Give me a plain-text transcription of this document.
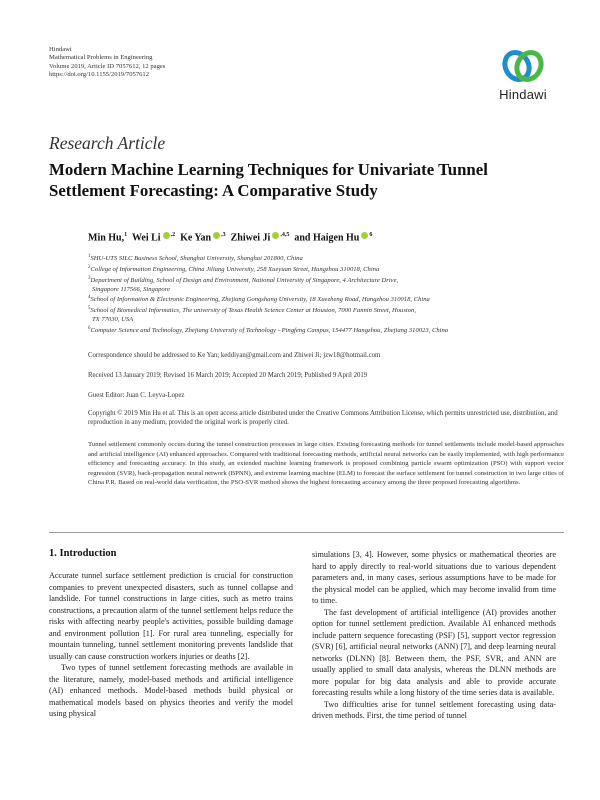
Hindawi
Mathematical Problems in Engineering
Volume 2019, Article ID 7057612, 12 pages
https://doi.org/10.1155/2019/7057612
Hindawi
Research Article
Modern Machine Learning Techniques for Univariate Tunnel Settlement Forecasting: A Comparative Study
Min Hu,$^1$ Wei Li $^{,2}$ Ke Yan $^{,3}$ Zhiwei Ji $^{,4,5}$ and Haigen Hu $^6$
$^1$SHU-UTS SILC Business School, Shanghai University, Shanghai 201800, China
$^2$College of Information Engineering, China Jiliang University, 258 Xueyuan Street, Hangzhou 310018, China
$^3$Department of Building, School of Design and Environment, National University of Singapore, 4 Architecture Drive,
Singapore 117566, Singapore
$^4$School of Information & Electronic Engineering, Zhejiang Gongshang University, 18 Xuezheng Road, Hangzhou 310018, China
$^5$School of Biomedical Informatics, The university of Texas Health Science Center at Houston, 7000 Fannin Street, Houston,
TX 77030, USA
$^6$Computer Science and Technology, Zhejiang University of Technology - Pingfeng Campus, 154477 Hangzhou, Zhejiang 310023, China

Correspondence should be addressed to Ke Yan; keddiyan@gmail.com and Zhiwei Ji; jzw18@hotmail.com

Received 13 January 2019; Revised 16 March 2019; Accepted 20 March 2019; Published 9 April 2019

Guest Editor: Juan C. Leyva-Lopez

Copyright © 2019 Min Hu et al. This is an open access article distributed under the Creative Commons Attribution License, which permits unrestricted use, distribution, and reproduction in any medium, provided the original work is properly cited.

Tunnel settlement commonly occurs during the tunnel construction processes in large cities. Existing forecasting methods for tunnel settlements include model-based approaches and artificial intelligence (AI) enhanced approaches. Compared with traditional forecasting methods, artificial neural networks can be easily implemented, with high performance efficiency and forecasting accuracy. In this study, an extended machine learning framework is proposed combining particle swarm optimization (PSO) with support vector regression (SVR), back-propagation neural network (BPNN), and extreme learning machine (ELM) to forecast the surface settlement for tunnel construction in two large cities of China P.R. Based on real-world data verification, the PSO-SVR method shows the highest forecasting accuracy among the three proposed forecasting algorithms.

1. Introduction

Accurate tunnel surface settlement prediction is crucial for construction companies to prevent unexpected disasters, such as tunnel collapse and landslide. For tunnel constructions in large cities, such as metro trains constructions, a precaution alarm of the tunnel settlement helps reduce the risks with affecting nearby people's activities, possible building damage and environment pollution [1]. For rural area tunneling, especially for mountain tunneling, tunnel settlement monitoring prevents landslide that usually can cause construction workers injuries or deaths [2].

Two types of tunnel settlement forecasting methods are available in the literature, namely, model-based methods and artificial intelligence (AI) enhanced methods. Model-based methods build physical or mathematical models based on physics theories and verify the model using physical

simulations [3, 4]. However, some physics or mathematical theories are hard to apply directly to real-world situations due to various dependent parameters and, in many cases, serious assumptions have to be made for the physical model can be applied, which may become invalid from time to time.

The fast development of artificial intelligence (AI) provides another option for tunnel settlement prediction. Available AI enhanced methods include pattern sequence forecasting (PSF) [5], support vector regression (SVR) [6], artificial neural networks (ANN) [7], and deep learning neural networks (DLNN) [8]. Between them, the PSF, SVR, and ANN are usually applied to small data analysis, whereas the DLNN methods are more popular for big data analysis and able to provide accurate forecasting results while a long history of the time series data is available.

Two difficulties arise for tunnel settlement forecasting using data-driven methods. First, the time period of tunnel
